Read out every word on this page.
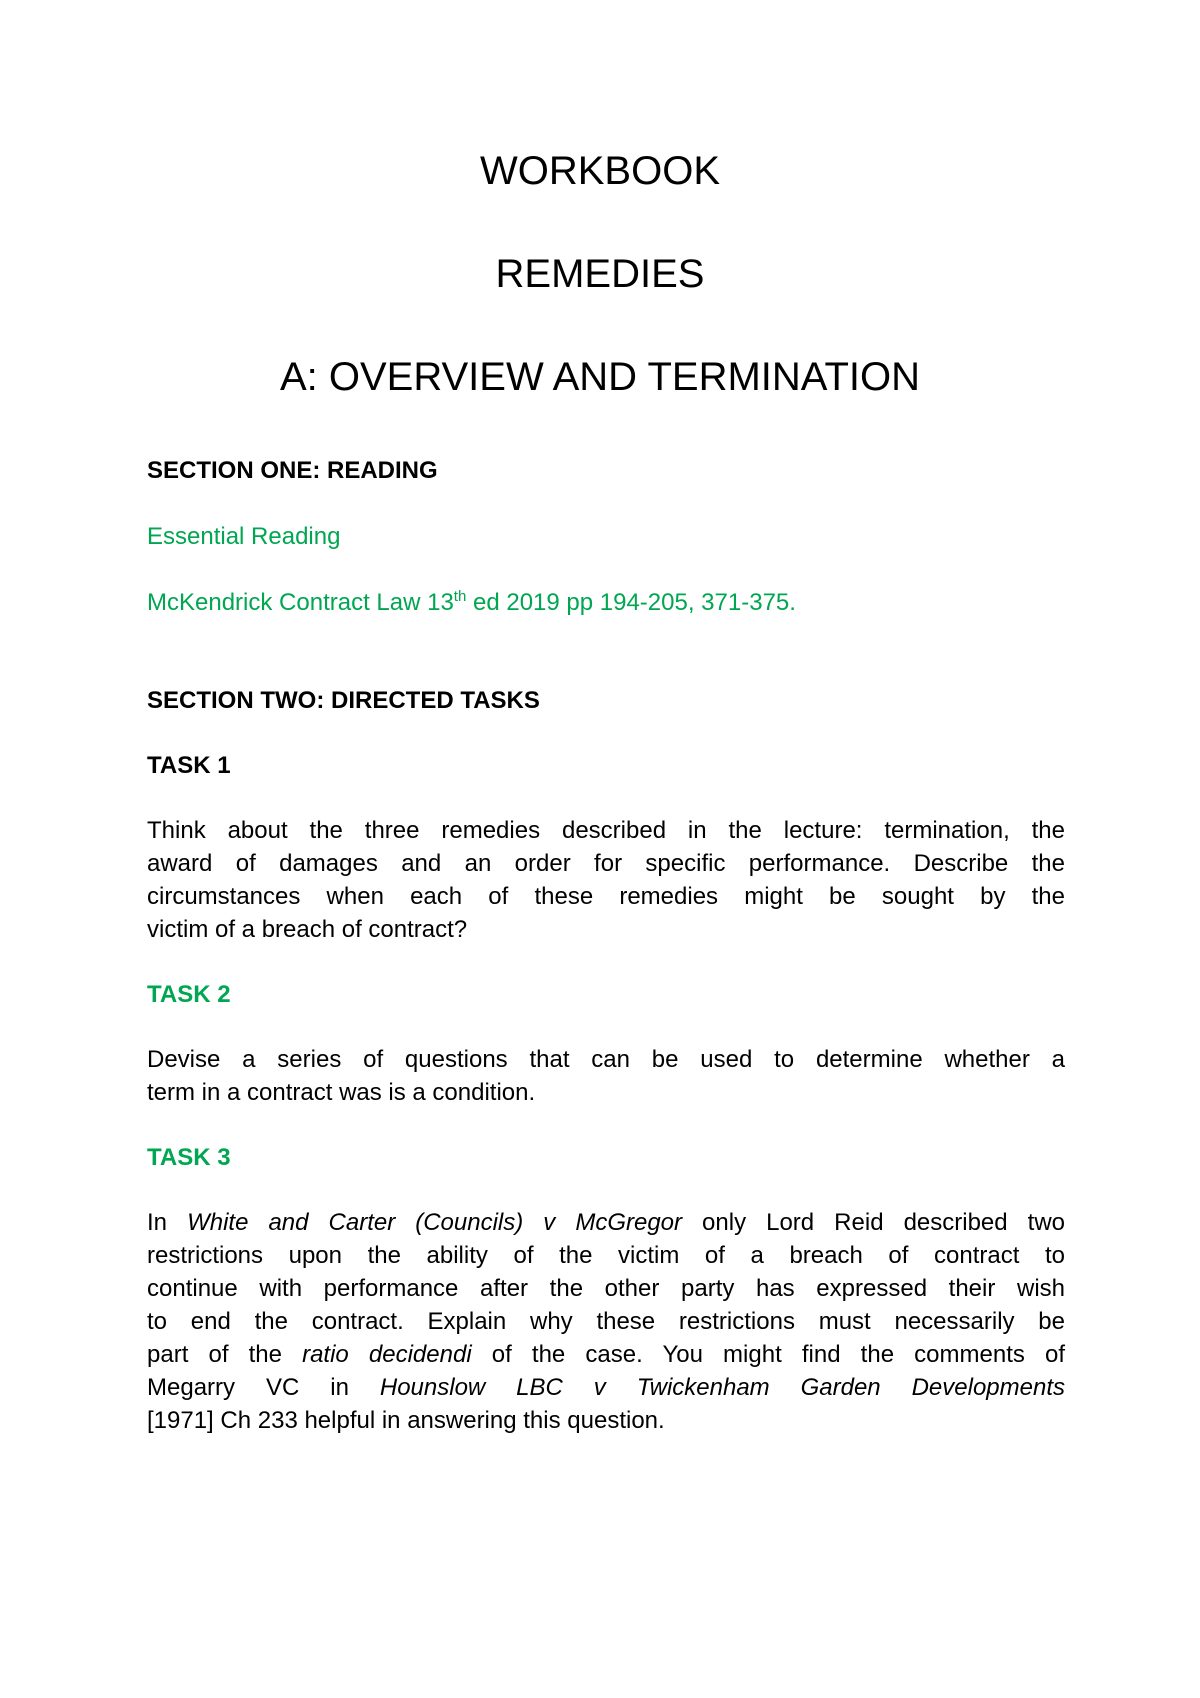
WORKBOOK
REMEDIES
A: OVERVIEW AND TERMINATION

SECTION ONE: READING

Essential Reading

McKendrick Contract Law 13th ed 2019 pp 194-205, 371-375.

SECTION TWO: DIRECTED TASKS

TASK 1

Think about the three remedies described in the lecture: termination, the
award of damages and an order for specific performance. Describe the
circumstances when each of these remedies might be sought by the
victim of a breach of contract?

TASK 2

Devise a series of questions that can be used to determine whether a
term in a contract was is a condition.

TASK 3

In White and Carter (Councils) v McGregor only Lord Reid described two
restrictions upon the ability of the victim of a breach of contract to
continue with performance after the other party has expressed their wish
to end the contract. Explain why these restrictions must necessarily be
part of the ratio decidendi of the case. You might find the comments of
Megarry VC in Hounslow LBC v Twickenham Garden Developments
[1971] Ch 233 helpful in answering this question.
